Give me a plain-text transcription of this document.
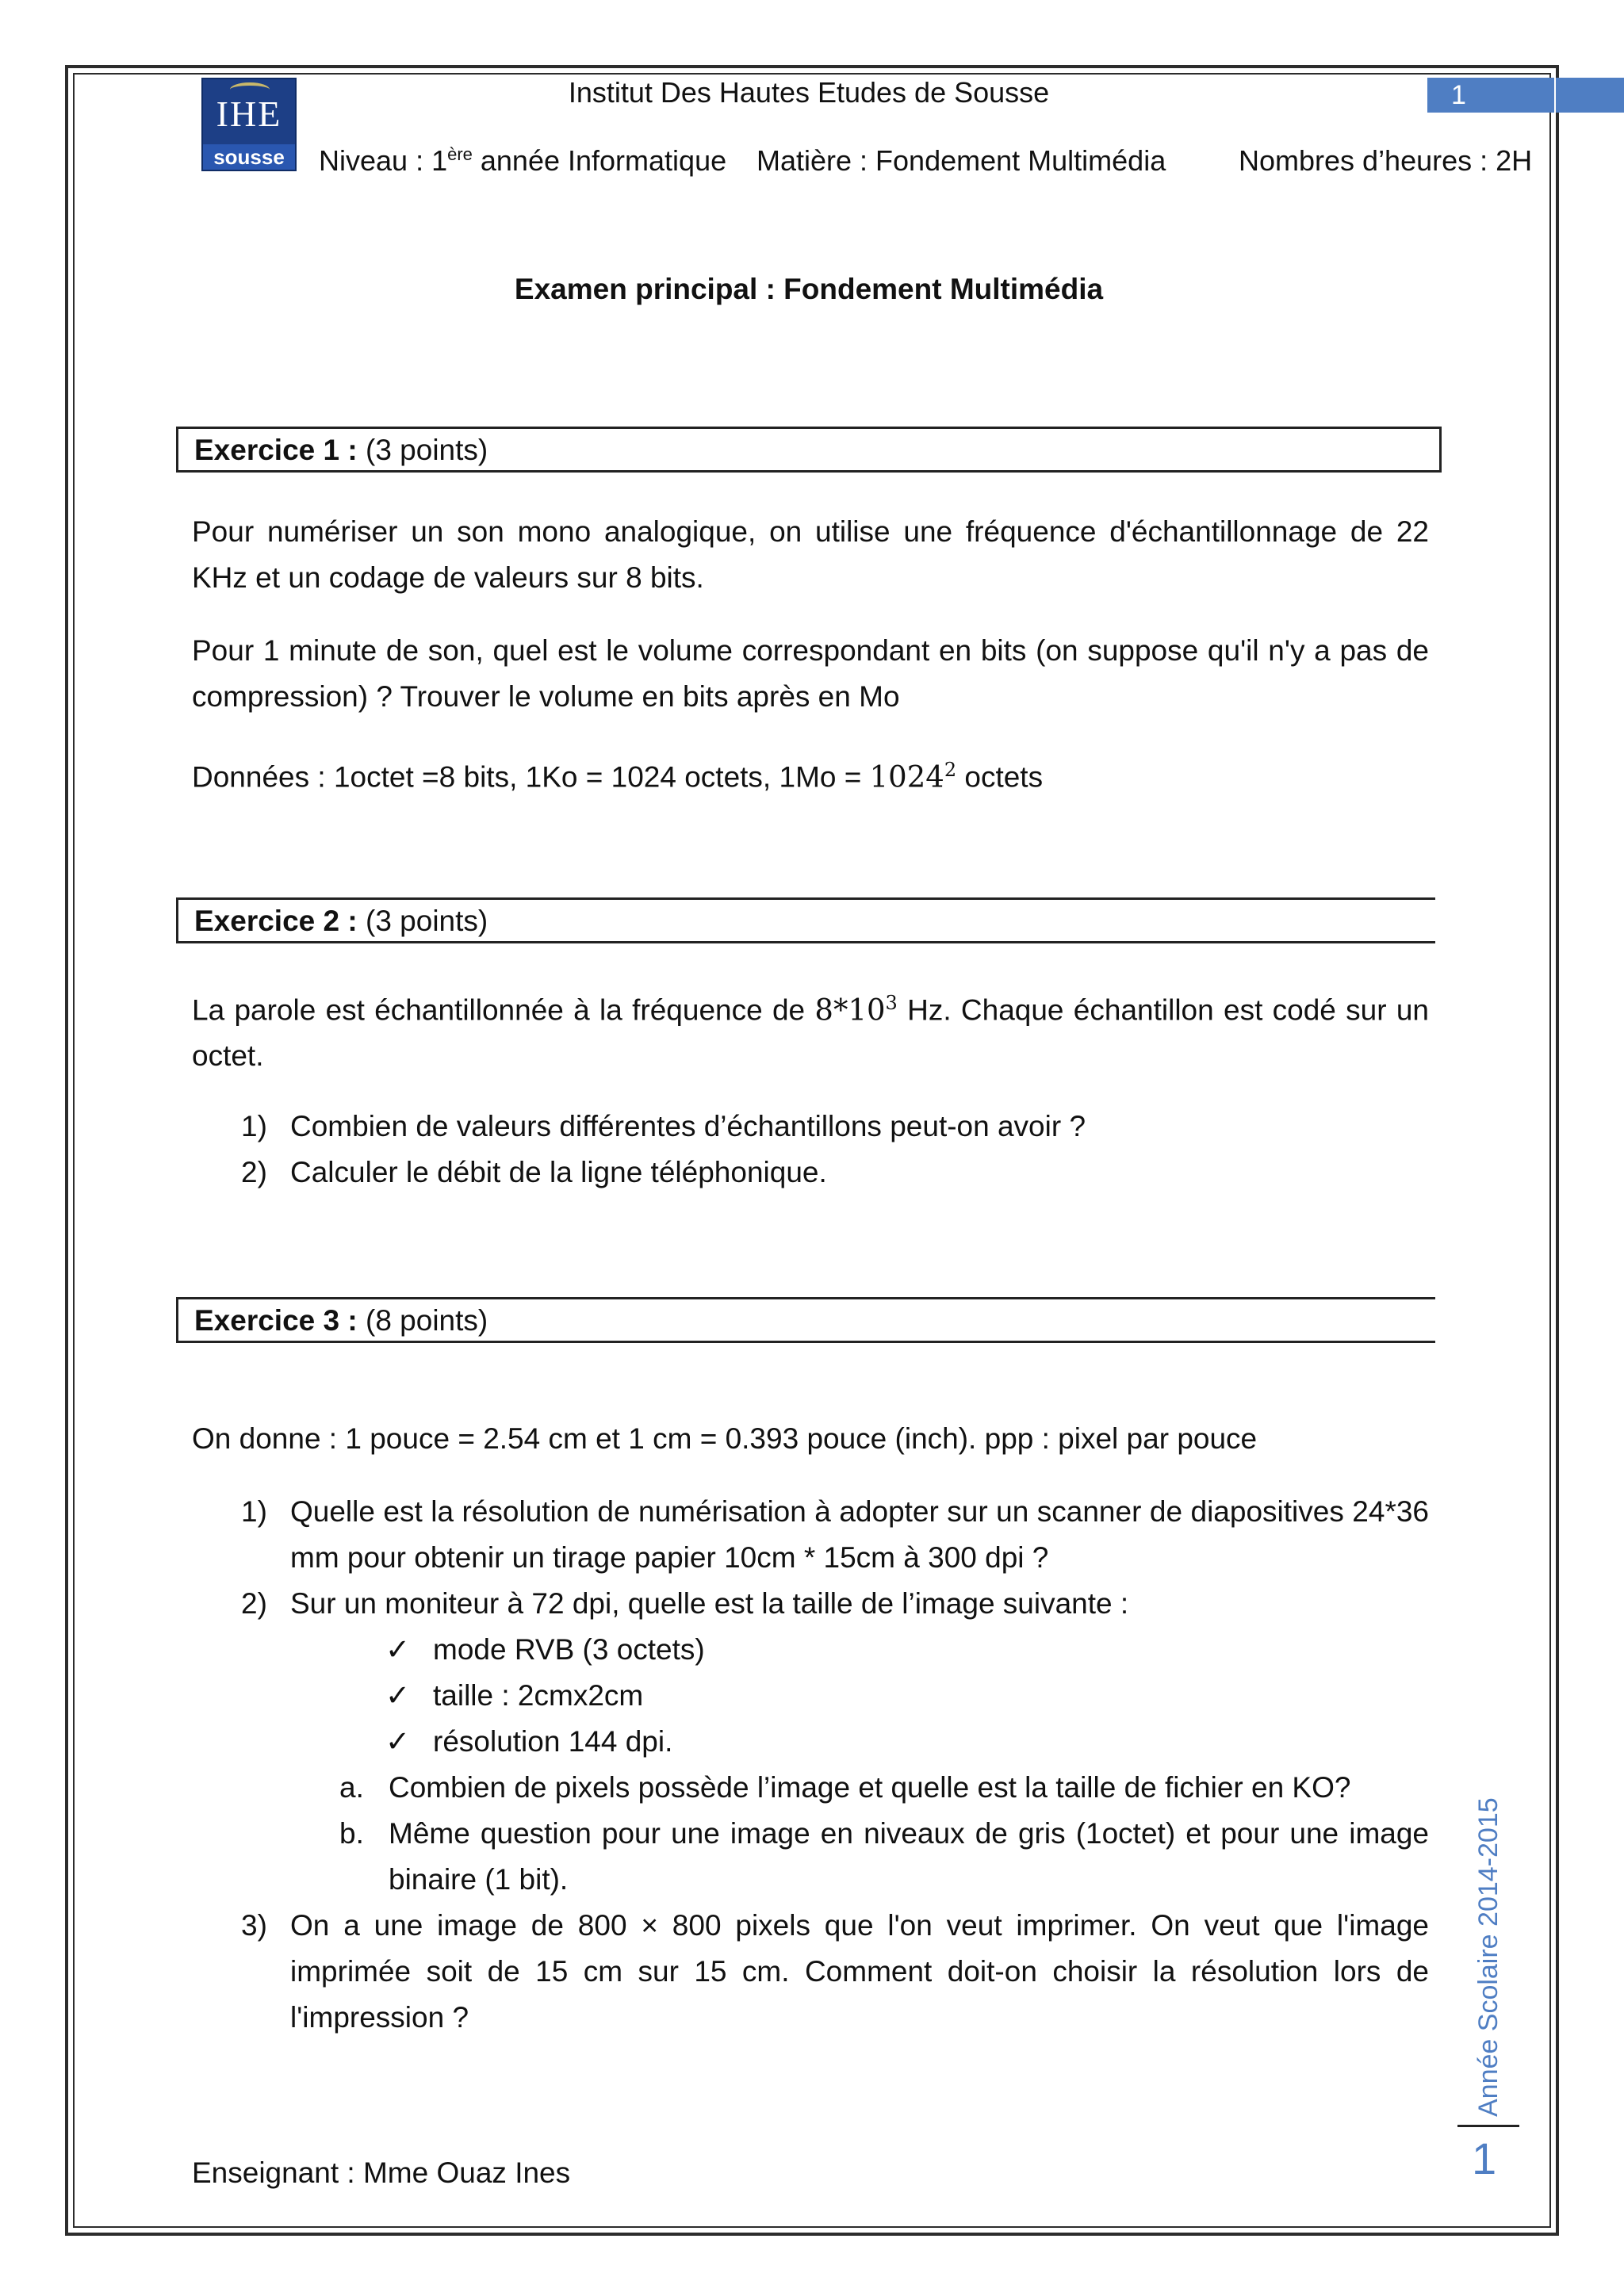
IHE
sousse
Institut Des Hautes Etudes de Sousse	1
Niveau : 1ère année Informatique Matière : Fondement Multimédia	Nombres d’heures : 2H
Examen principal : Fondement Multimédia
Exercice 1 : (3 points)
Pour numériser un son mono analogique, on utilise une fréquence d'échantillonnage de 22 KHz et un codage de valeurs sur 8 bits.
Pour 1 minute de son, quel est le volume correspondant en bits (on suppose qu'il n'y a pas de compression) ? Trouver le volume en bits après en Mo
Données : 1octet =8 bits, 1Ko = 1024 octets, $1Mo = 1024^2$ octets
Exercice 2 : (3 points)
La parole est échantillonnée à la fréquence de $8*10^3$ Hz. Chaque échantillon est codé sur un octet.
1) Combien de valeurs différentes d’échantillons peut-on avoir ?
2) Calculer le débit de la ligne téléphonique.
Exercice 3 : (8 points)
On donne : 1 pouce = 2.54 cm et 1 cm = 0.393 pouce (inch). ppp : pixel par pouce
1) Quelle est la résolution de numérisation à adopter sur un scanner de diapositives 24*36 mm pour obtenir un tirage papier 10cm * 15cm à 300 dpi ?
2) Sur un moniteur à 72 dpi, quelle est la taille de l’image suivante :
✓ mode RVB (3 octets)
✓ taille : 2cmx2cm
✓ résolution 144 dpi.
a. Combien de pixels possède l’image et quelle est la taille de fichier en KO?
b. Même question pour une image en niveaux de gris (1octet) et pour une image binaire (1 bit).
3) On a une image de 800 × 800 pixels que l'on veut imprimer. On veut que l'image imprimée soit de 15 cm sur 15 cm. Comment doit-on choisir la résolution lors de l'impression ?
Enseignant : Mme Ouaz Ines
Année Scolaire 2014-2015
1
